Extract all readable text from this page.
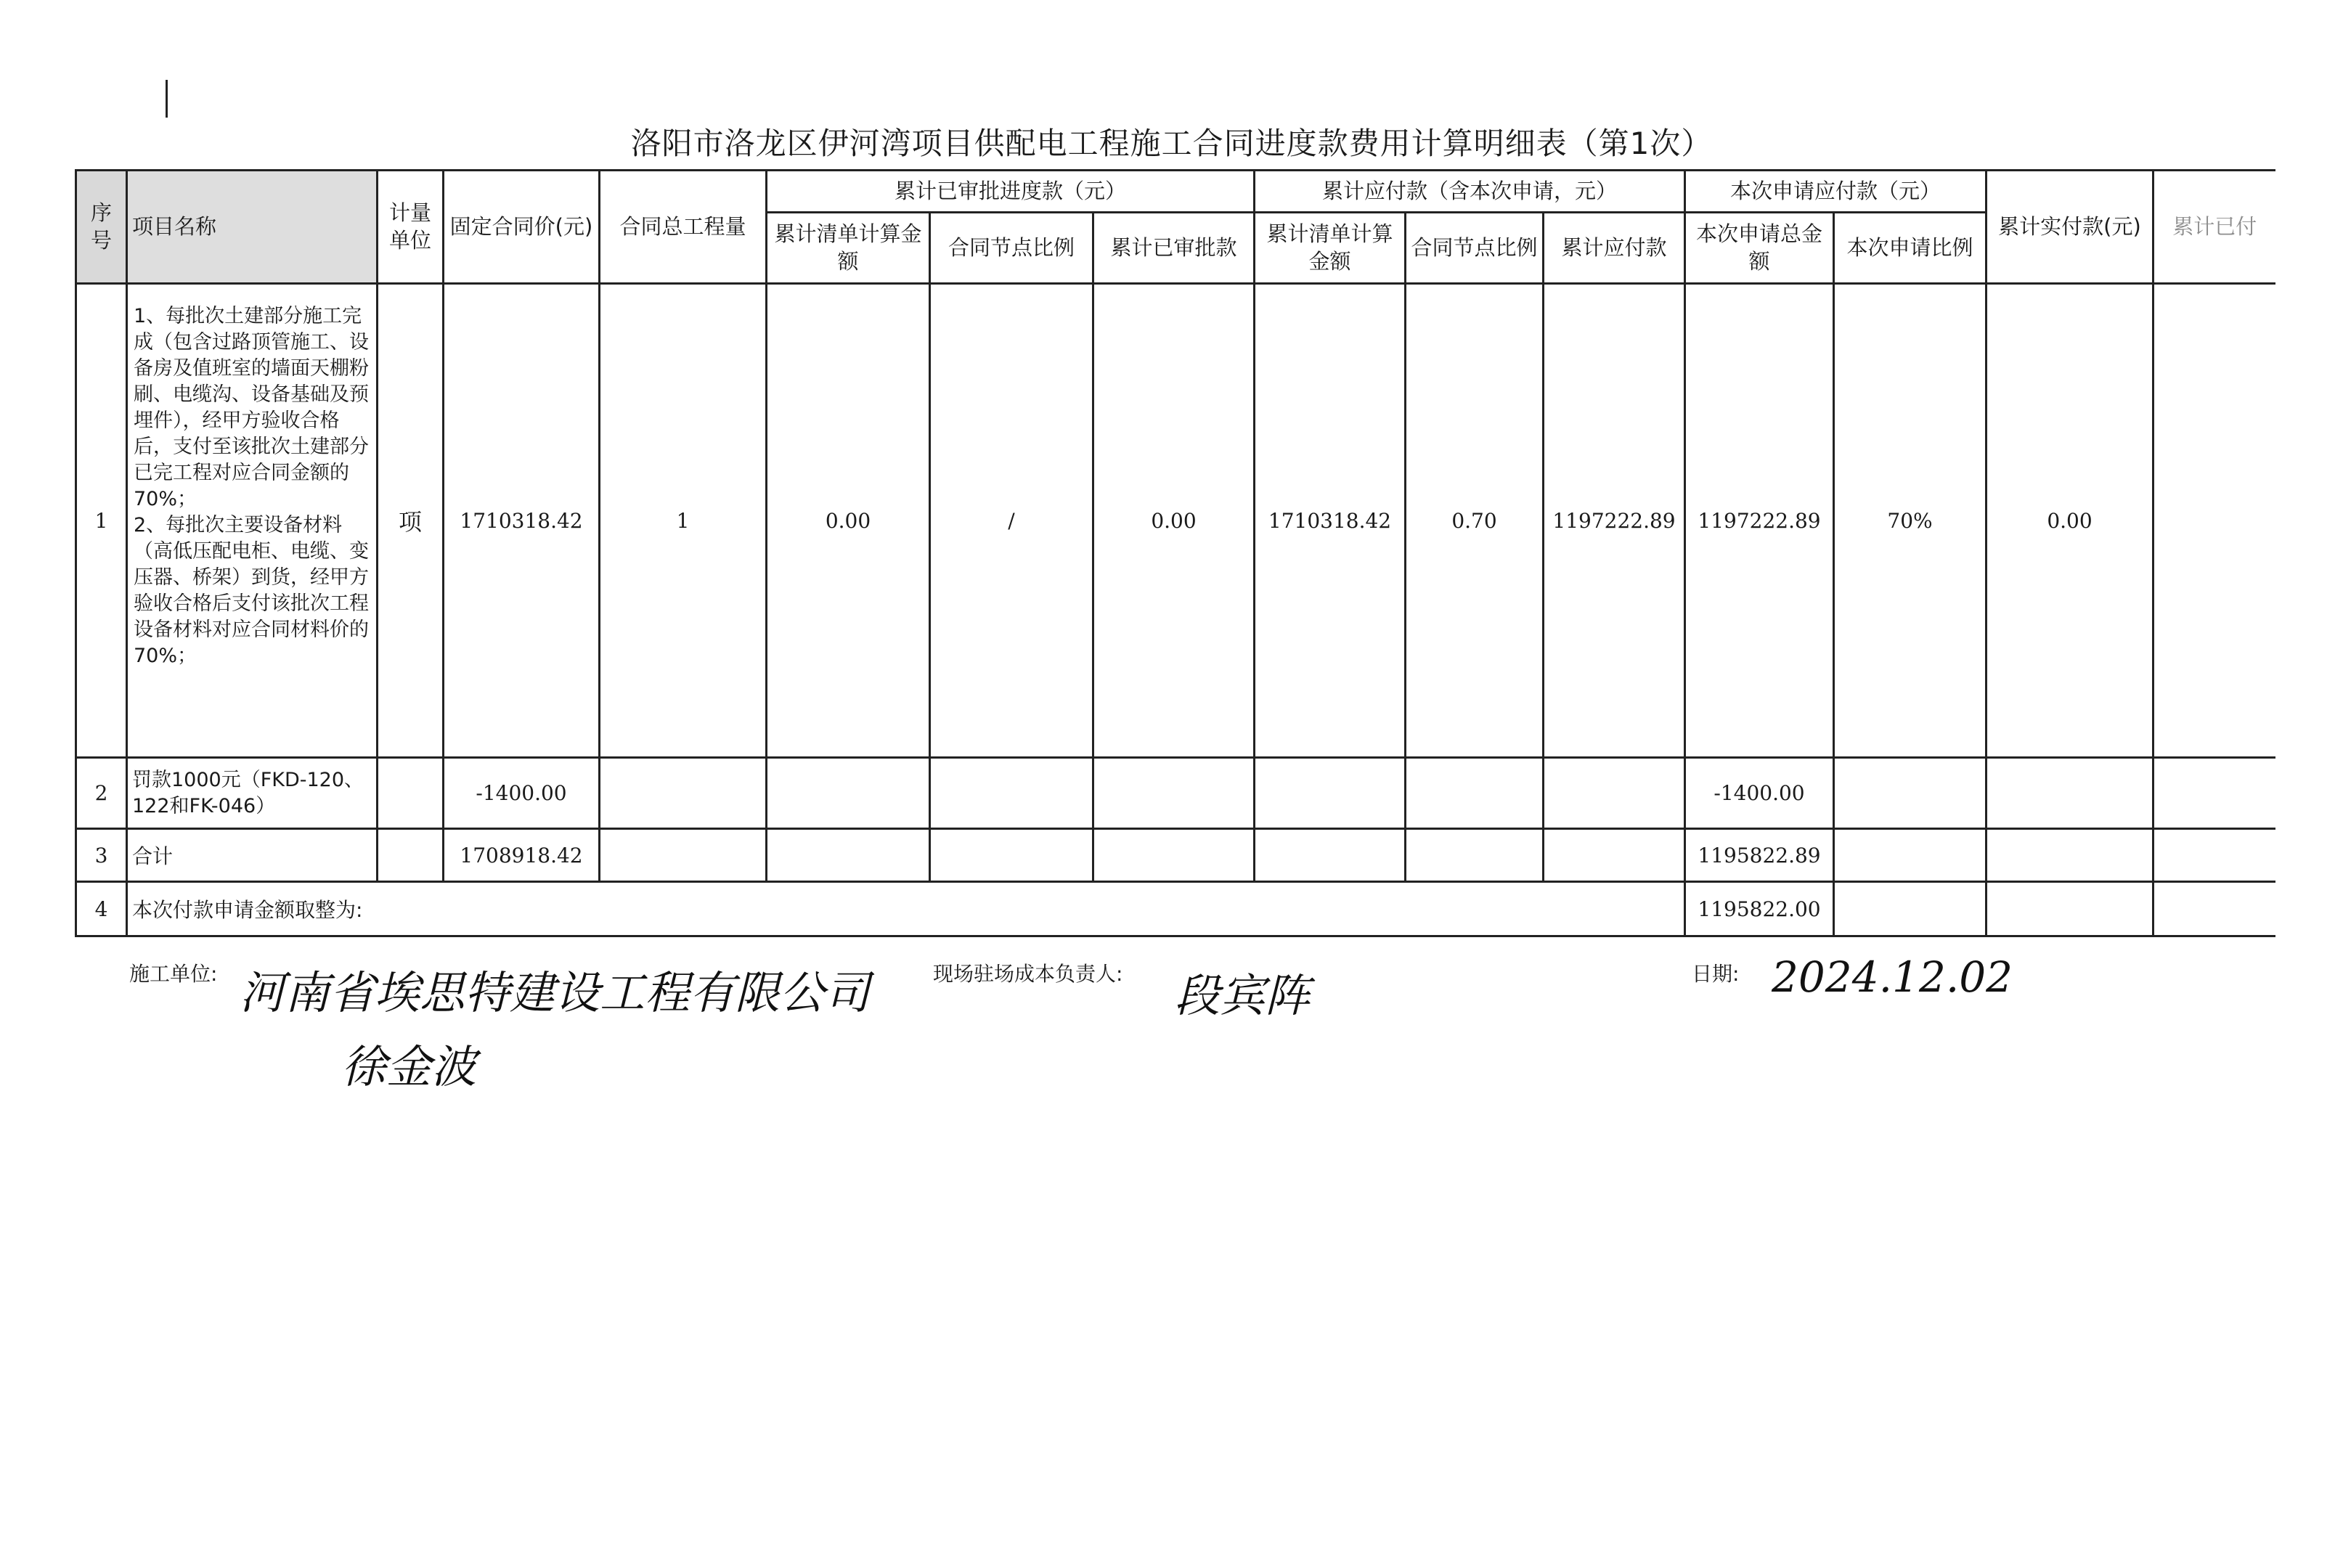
洛阳市洛龙区伊河湾项目供配电工程施工合同进度款费用计算明细表（第1次）
序号	项目名称	计量单位	固定合同价(元)	合同总工程量	累计已审批进度款（元）			累计应付款（含本次申请，元）			本次申请应付款（元）		累计实付款(元)	累计已付
					累计清单计算金额	合同节点比例	累计已审批款	累计清单计算金额	合同节点比例	累计应付款	本次申请总金额	本次申请比例		
1	1、每批次土建部分施工完成（包含过路顶管施工、设备房及值班室的墙面天棚粉刷、电缆沟、设备基础及预埋件），经甲方验收合格后，支付至该批次土建部分已完工程对应合同金额的70%；
2、每批次主要设备材料（高低压配电柜、电缆、变压器、桥架）到货，经甲方验收合格后支付该批次工程设备材料对应合同材料价的70%；	项	1710318.42	1	0.00	/	0.00	1710318.42	0.70	1197222.89	1197222.89	70%	0.00	
2	罚款1000元（FKD-120、122和FK-046）		-1400.00								-1400.00			
3	合计		1708918.42								1195822.89			
4	本次付款申请金额取整为:										1195822.00			
施工单位: 河南省埃思特建设工程有限公司
徐金波
现场驻场成本负责人: 段宾阵	日期: 2024.12.02
